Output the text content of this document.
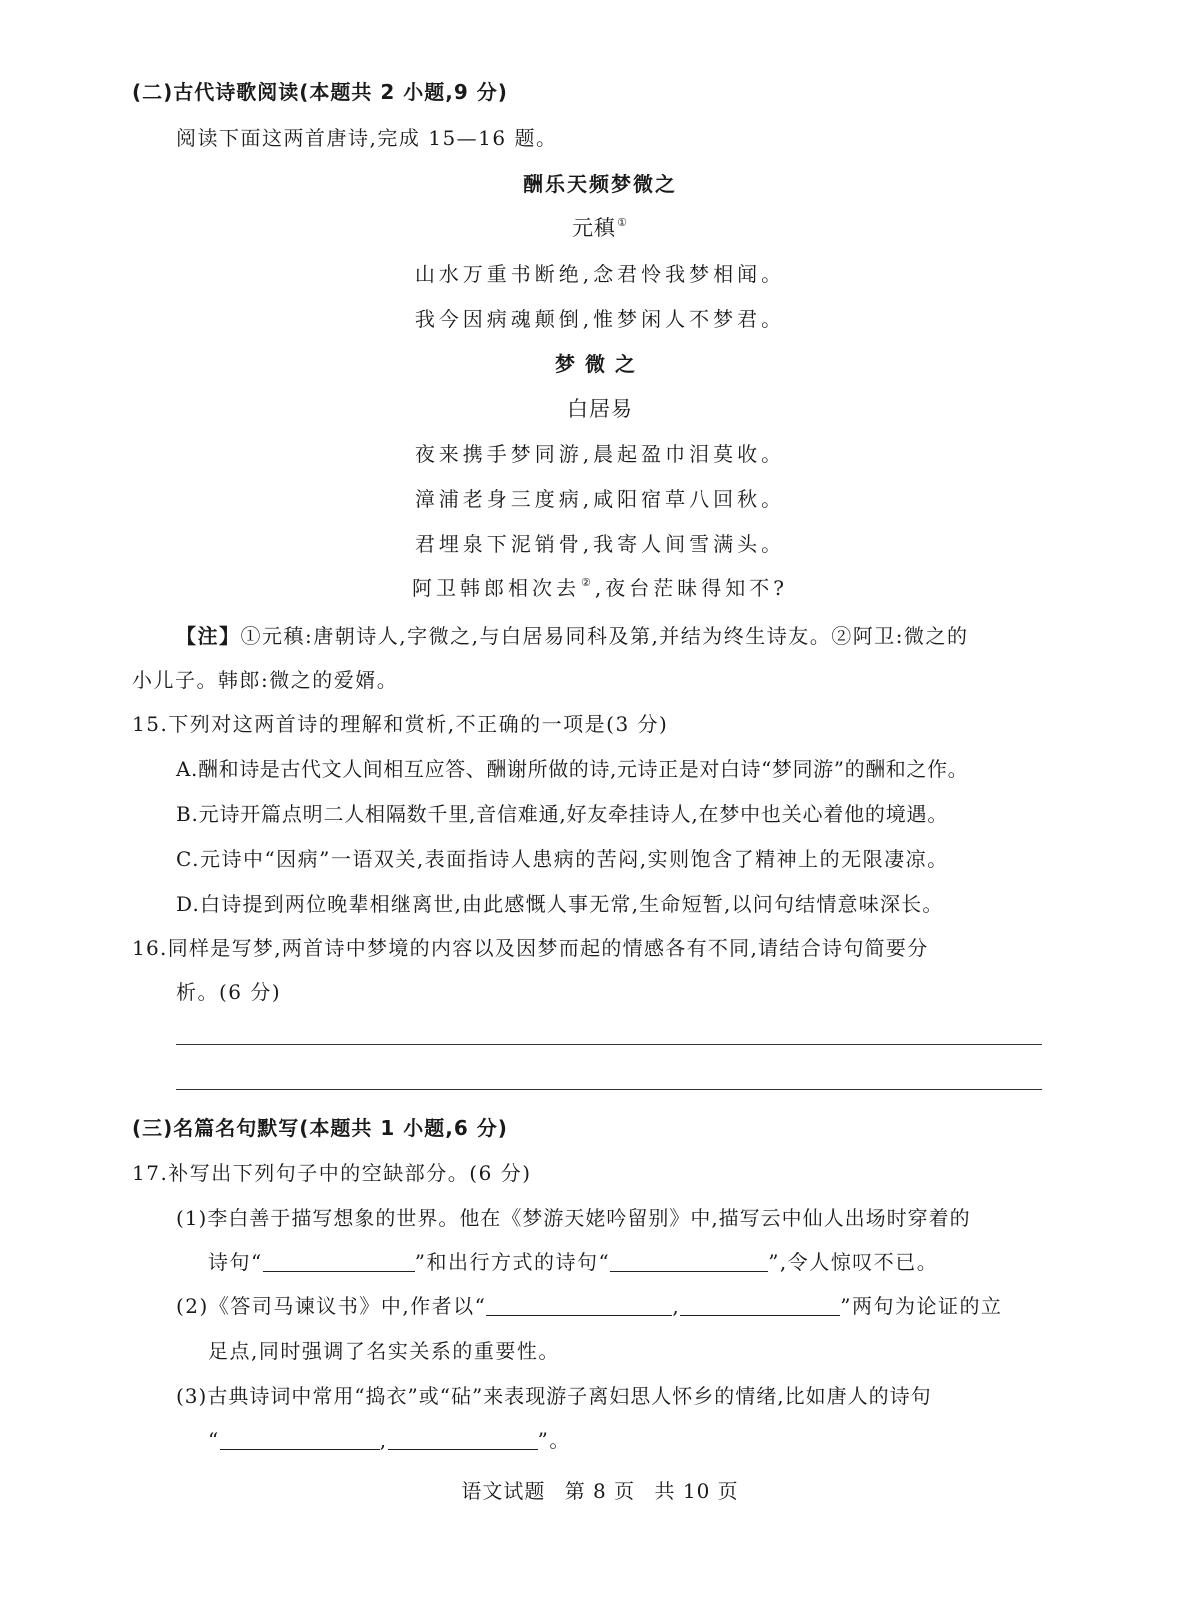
(二)古代诗歌阅读(本题共 2 小题,9 分)
阅读下面这两首唐诗,完成 15—16 题。
酬乐天频梦微之
元稹①
山水万重书断绝,念君怜我梦相闻。
我今因病魂颠倒,惟梦闲人不梦君。
梦微之
白居易
夜来携手梦同游,晨起盈巾泪莫收。
漳浦老身三度病,咸阳宿草八回秋。
君埋泉下泥销骨,我寄人间雪满头。
阿卫韩郎相次去②,夜台茫昧得知不?
【注】①元稹:唐朝诗人,字微之,与白居易同科及第,并结为终生诗友。②阿卫:微之的
小儿子。韩郎:微之的爱婿。
15.下列对这两首诗的理解和赏析,不正确的一项是(3 分)
A.酬和诗是古代文人间相互应答、酬谢所做的诗,元诗正是对白诗“梦同游”的酬和之作。
B.元诗开篇点明二人相隔数千里,音信难通,好友牵挂诗人,在梦中也关心着他的境遇。
C.元诗中“因病”一语双关,表面指诗人患病的苦闷,实则饱含了精神上的无限凄凉。
D.白诗提到两位晚辈相继离世,由此感慨人事无常,生命短暂,以问句结情意味深长。
16.同样是写梦,两首诗中梦境的内容以及因梦而起的情感各有不同,请结合诗句简要分
析。(6 分)
(三)名篇名句默写(本题共 1 小题,6 分)
17.补写出下列句子中的空缺部分。(6 分)
(1)李白善于描写想象的世界。他在《梦游天姥吟留别》中,描写云中仙人出场时穿着的
诗句“	”和出行方式的诗句“	”,令人惊叹不已。
(2)《答司马谏议书》中,作者以“	,	”两句为论证的立
足点,同时强调了名实关系的重要性。
(3)古典诗词中常用“捣衣”或“砧”来表现游子离妇思人怀乡的情绪,比如唐人的诗句
“	,	”。
语文试题 第 8 页 共 10 页
